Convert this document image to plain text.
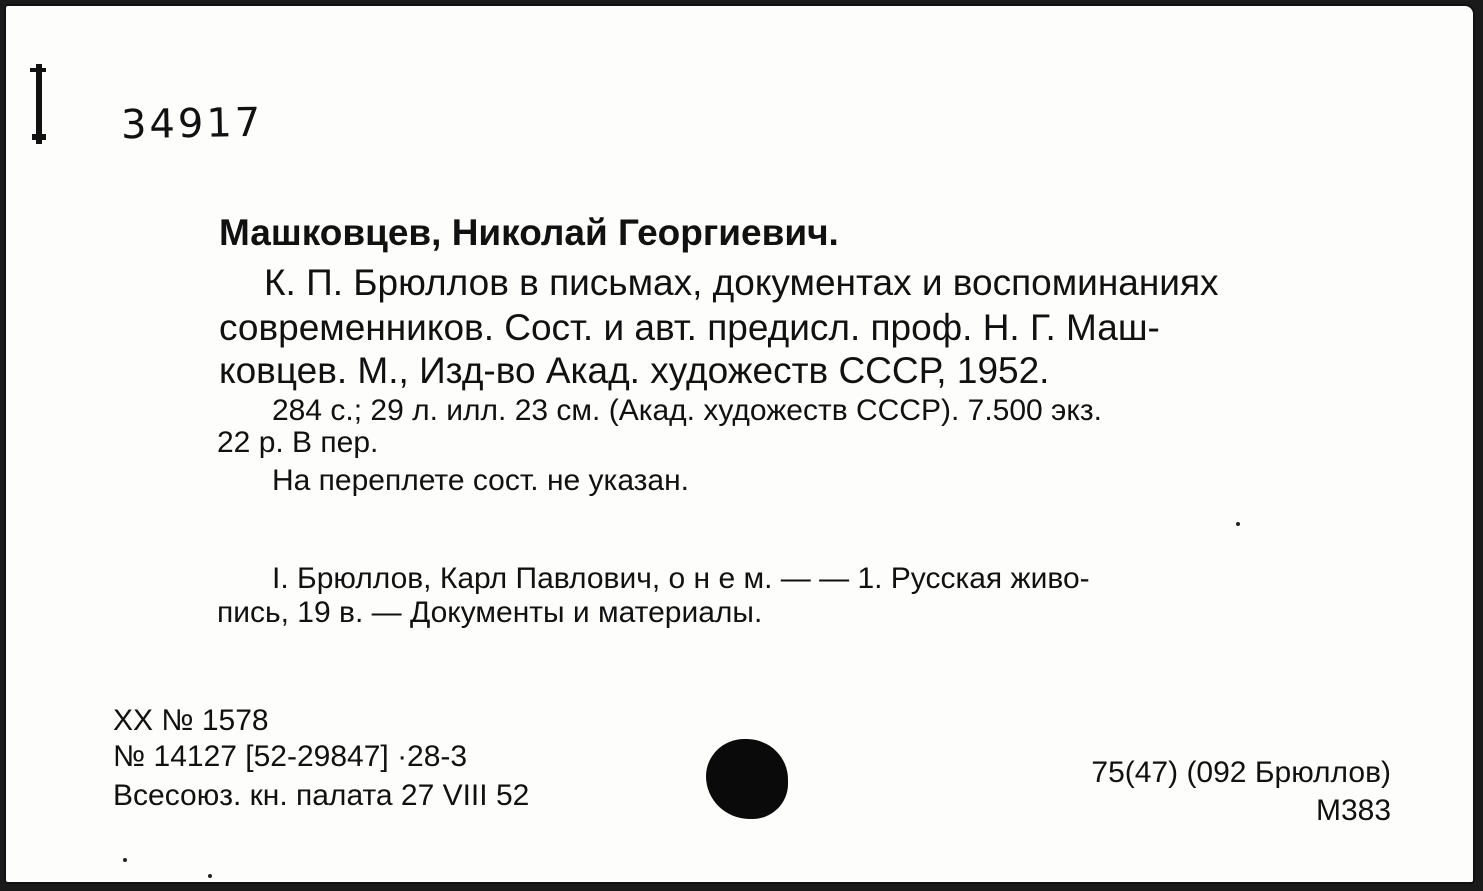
34917
Машковцев, Николай Георгиевич.
К. П. Брюллов в письмах, документах и воспоминаниях
современников. Сост. и авт. предисл. проф. Н. Г. Маш-
ковцев. М., Изд-во Акад. художеств СССР, 1952.
284 с.; 29 л. илл. 23 см. (Акад. художеств СССР). 7.500 экз.
22 р. В пер.
На переплете сост. не указан.
I. Брюллов, Карл Павлович, о н е м. — — 1. Русская живо-
пись, 19 в. — Документы и материалы.
XX № 1578
№ 14127 [52-29847] ·28-3
Всесоюз. кн. палата 27 VIII 52
75(47) (092 Брюллов)
М383
